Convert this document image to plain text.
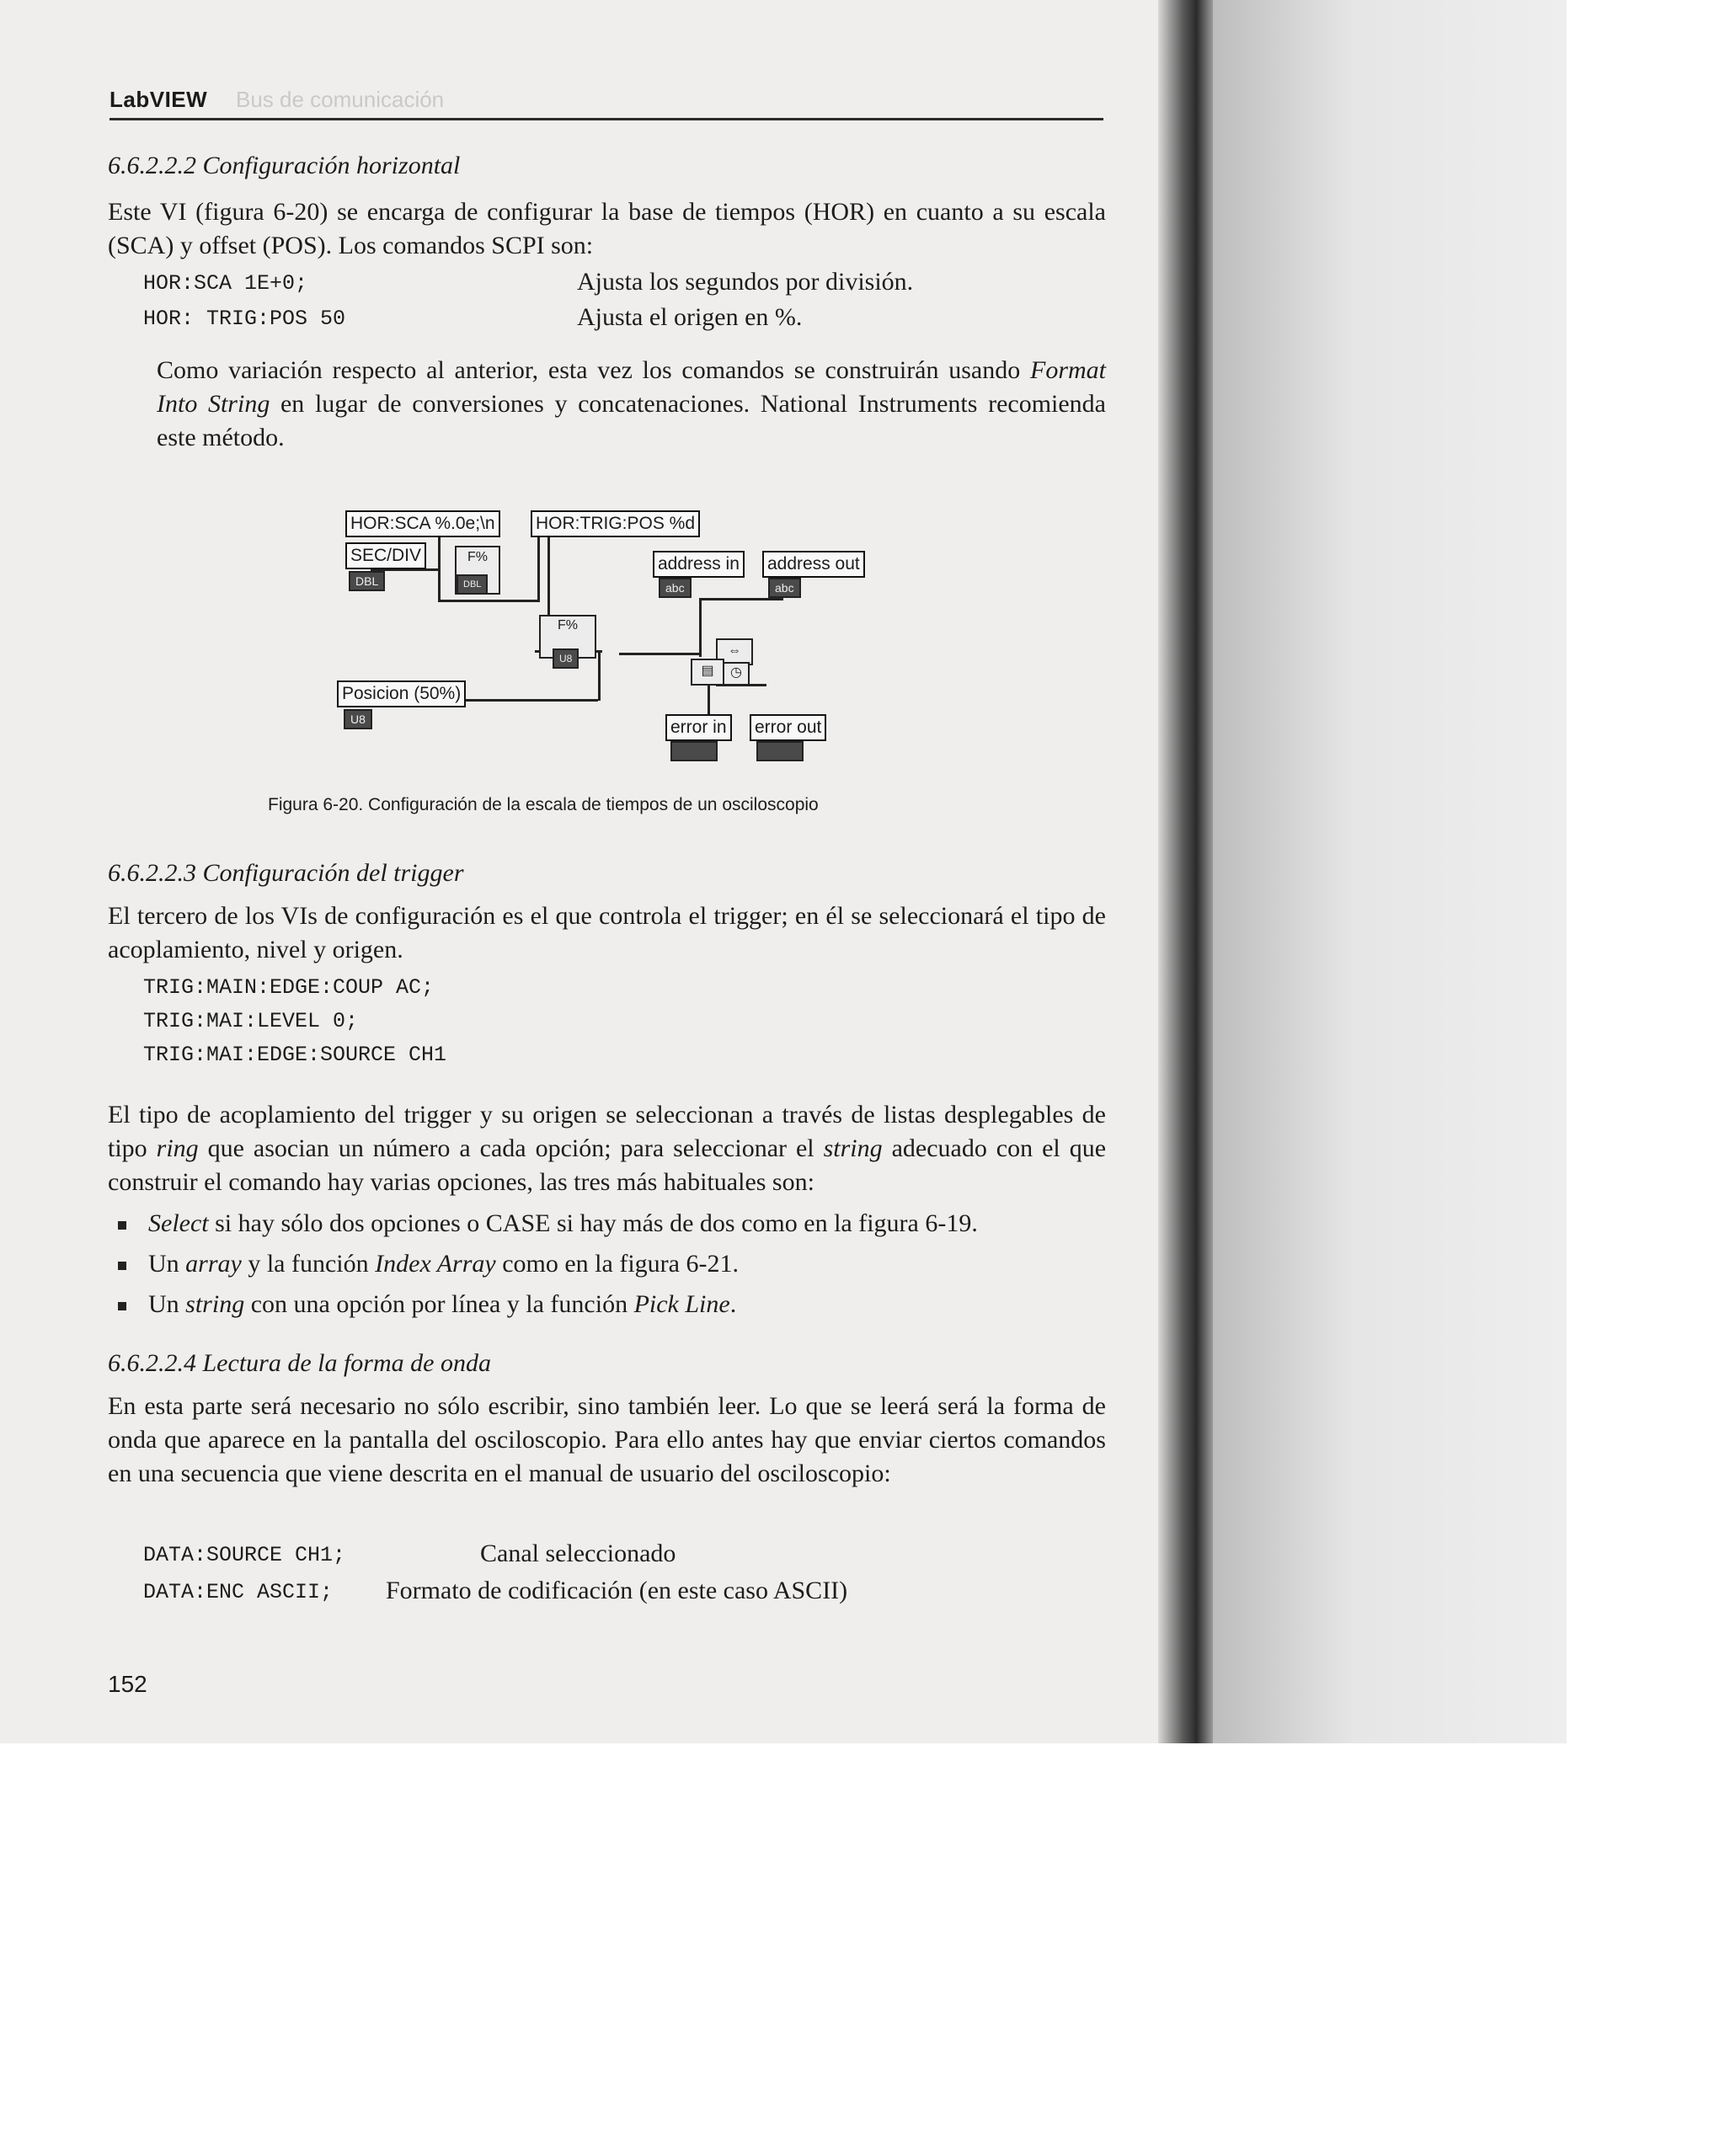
LabVIEW Bus de comunicación
6.6.2.2.2 Configuración horizontal
Este VI (figura 6-20) se encarga de configurar la base de tiempos (HOR) en cuanto a su escala (SCA) y offset (POS). Los comandos SCPI son:
HOR:SCA 1E+0;	Ajusta los segundos por división.
HOR: TRIG:POS 50	Ajusta el origen en %.
Como variación respecto al anterior, esta vez los comandos se construirán usando Format Into String en lugar de conversiones y concatenaciones. National Instruments recomienda este método.
HOR:SCA %.0e;\n HOR:TRIG:POS %d
SEC/DIV
DBL
F%
DBL
address in
abc
address out
abc
F%
U8
⇔
▤	◷
Posicion (50%)
U8	error in error out
Figura 6-20. Configuración de la escala de tiempos de un osciloscopio
6.6.2.2.3 Configuración del trigger
El tercero de los VIs de configuración es el que controla el trigger; en él se seleccionará el tipo de acoplamiento, nivel y origen.
TRIG:MAIN:EDGE:COUP AC;
TRIG:MAI:LEVEL 0;
TRIG:MAI:EDGE:SOURCE CH1
El tipo de acoplamiento del trigger y su origen se seleccionan a través de listas desplegables de tipo ring que asocian un número a cada opción; para seleccionar el string adecuado con el que construir el comando hay varias opciones, las tres más habituales son:
Select si hay sólo dos opciones o CASE si hay más de dos como en la figura 6-19.
Un array y la función Index Array como en la figura 6-21.
Un string con una opción por línea y la función Pick Line.
6.6.2.2.4 Lectura de la forma de onda
En esta parte será necesario no sólo escribir, sino también leer. Lo que se leerá será la forma de onda que aparece en la pantalla del osciloscopio. Para ello antes hay que enviar ciertos comandos en una secuencia que viene descrita en el manual de usuario del osciloscopio:
DATA:SOURCE CH1;	Canal seleccionado
DATA:ENC ASCII; Formato de codificación (en este caso ASCII)
152
